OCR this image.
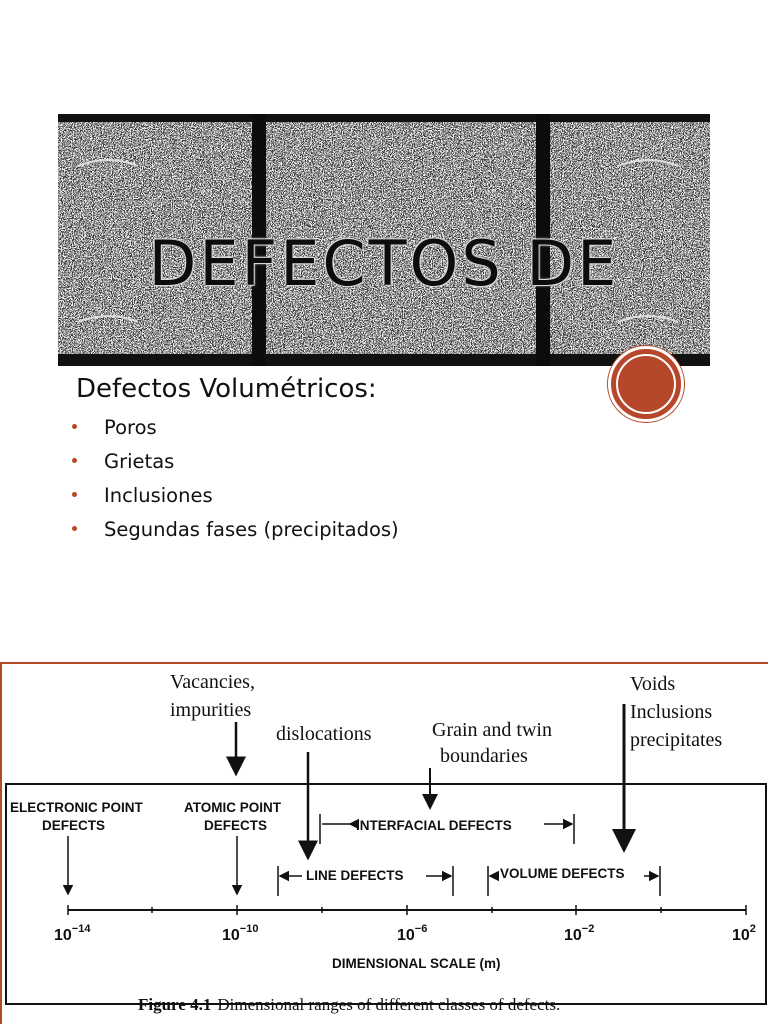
DEFECTOS DE

Defectos Volumétricos:
Poros
Grietas
Inclusiones
Segundas fases (precipitados)
Vacancies,
impurities
dislocations	Grain and twin
boundaries
Voids
Inclusions
precipitates
ELECTRONIC POINT
DEFECTS
ATOMIC POINT
DEFECTS	INTERFACIAL DEFECTS
LINE DEFECTS	VOLUME DEFECTS
$10^{-14}$	$10^{-10}$	$10^{-6}$	$10^{-2}$	$10^2$
DIMENSIONAL SCALE (m)
Figure 4.1 Dimensional ranges of different classes of defects.
